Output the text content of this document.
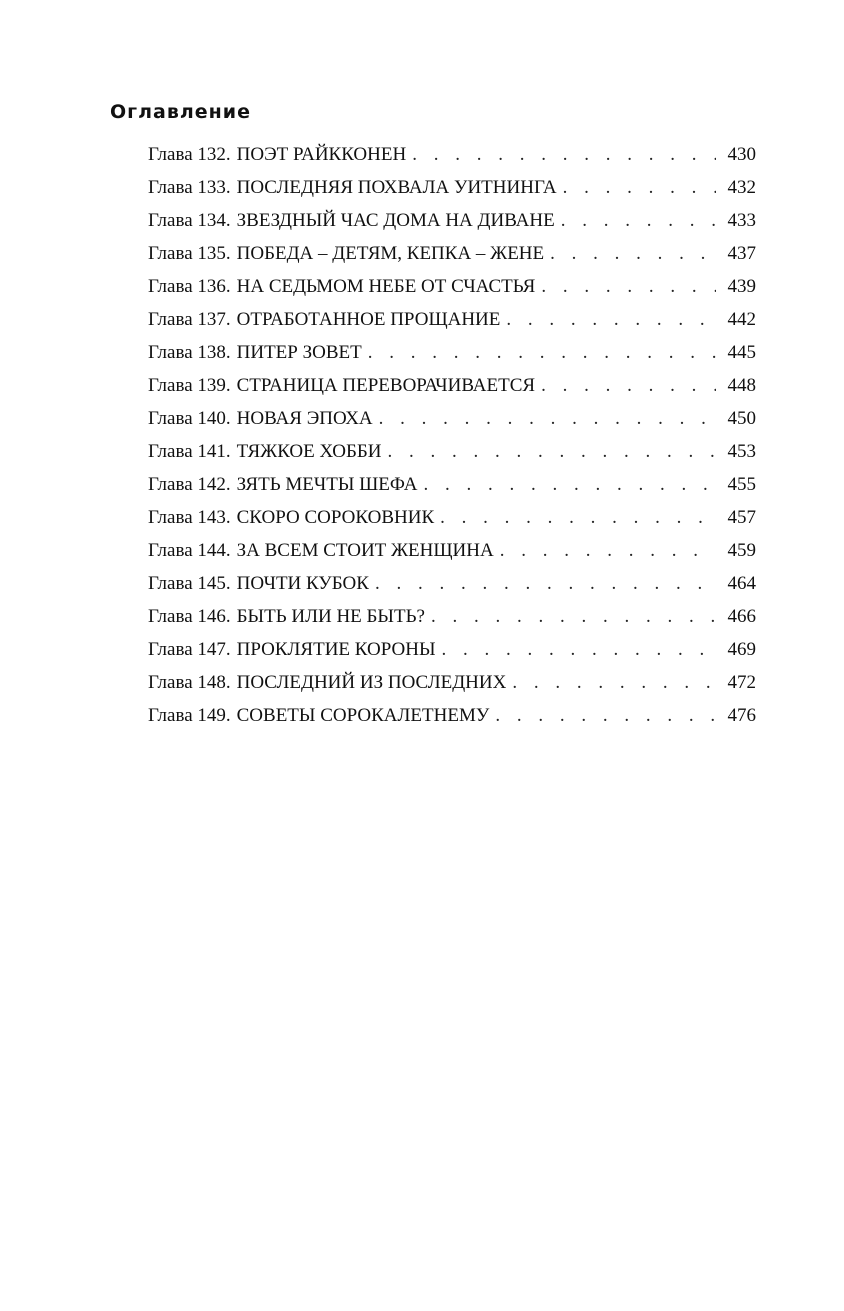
Оглавление
Глава 132. ПОЭТ РАЙККОНЕН . . .	430
Глава 133. ПОСЛЕДНЯЯ ПОХВАЛА УИТНИНГА . . .	432
Глава 134. ЗВЕЗДНЫЙ ЧАС ДОМА НА ДИВАНЕ . . .	433
Глава 135. ПОБЕДА – ДЕТЯМ, КЕПКА – ЖЕНЕ . . .	437
Глава 136. НА СЕДЬМОМ НЕБЕ ОТ СЧАСТЬЯ . . .	439
Глава 137. ОТРАБОТАННОЕ ПРОЩАНИЕ . . .	442
Глава 138. ПИТЕР ЗОВЕТ . . .	445
Глава 139. СТРАНИЦА ПЕРЕВОРАЧИВАЕТСЯ . . .	448
Глава 140. НОВАЯ ЭПОХА . . .	450
Глава 141. ТЯЖКОЕ ХОББИ . . .	453
Глава 142. ЗЯТЬ МЕЧТЫ ШЕФА . . .	455
Глава 143. СКОРО СОРОКОВНИК . . .	457
Глава 144. ЗА ВСЕМ СТОИТ ЖЕНЩИНА . . .	459
Глава 145. ПОЧТИ КУБОК . . .	464
Глава 146. БЫТЬ ИЛИ НЕ БЫТЬ? . . .	466
Глава 147. ПРОКЛЯТИЕ КОРОНЫ . . .	469
Глава 148. ПОСЛЕДНИЙ ИЗ ПОСЛЕДНИХ . . .	472
Глава 149. СОВЕТЫ СОРОКАЛЕТНЕМУ . . .	476
